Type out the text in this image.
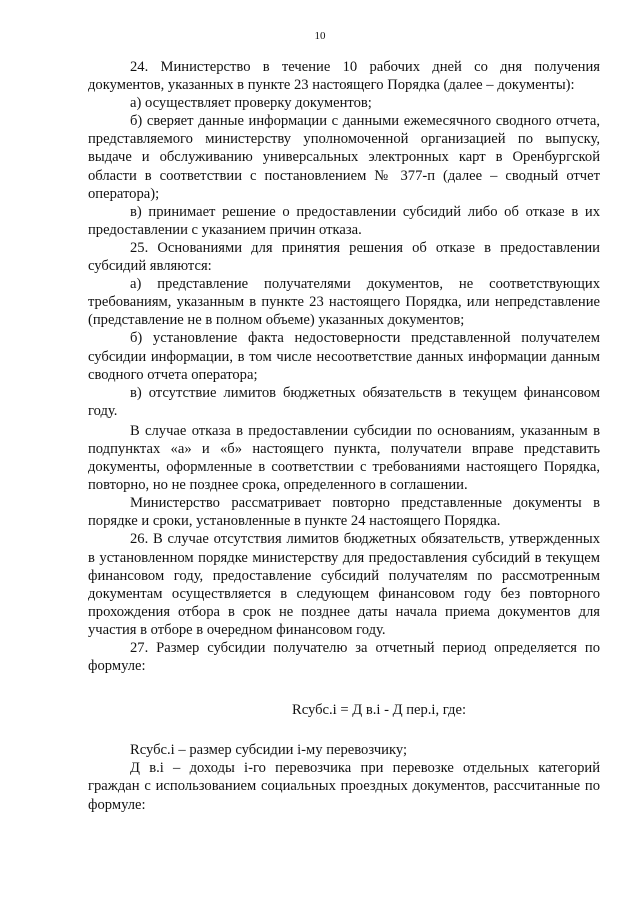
10

24. Министерство в течение 10 рабочих дней со дня получения документов, указанных в пункте 23 настоящего Порядка (далее – документы):

а) осуществляет проверку документов;

б) сверяет данные информации с данными ежемесячного сводного отчета, представляемого министерству уполномоченной организацией по выпуску, выдаче и обслуживанию универсальных электронных карт в Оренбургской области в соответствии с постановлением № 377-п (далее – сводный отчет оператора);

в) принимает решение о предоставлении субсидий либо об отказе в их предоставлении с указанием причин отказа.

25. Основаниями для принятия решения об отказе в предоставлении субсидий являются:

а) представление получателями документов, не соответствующих требованиям, указанным в пункте 23 настоящего Порядка, или непредставление (представление не в полном объеме) указанных документов;

б) установление факта недостоверности представленной получателем субсидии информации, в том числе несоответствие данных информации данным сводного отчета оператора;

в) отсутствие лимитов бюджетных обязательств в текущем финансовом году.

В случае отказа в предоставлении субсидии по основаниям, указанным в подпунктах «а» и «б» настоящего пункта, получатели вправе представить документы, оформленные в соответствии с требованиями настоящего Порядка, повторно, но не позднее срока, определенного в соглашении.

Министерство рассматривает повторно представленные документы в порядке и сроки, установленные в пункте 24 настоящего Порядка.

26. В случае отсутствия лимитов бюджетных обязательств, утвержденных в установленном порядке министерству для предоставления субсидий в текущем финансовом году, предоставление субсидий получателям по рассмотренным документам осуществляется в следующем финансовом году без повторного прохождения отбора в срок не позднее даты начала приема документов для участия в отборе в очередном финансовом году.

27. Размер субсидии получателю за отчетный период определяется по формуле:

Rсубс.i = Д в.i - Д пер.i, где:

Rсубс.i – размер субсидии i-му перевозчику;

Д в.i – доходы i-го перевозчика при перевозке отдельных категорий граждан с использованием социальных проездных документов, рассчитанные по формуле:
